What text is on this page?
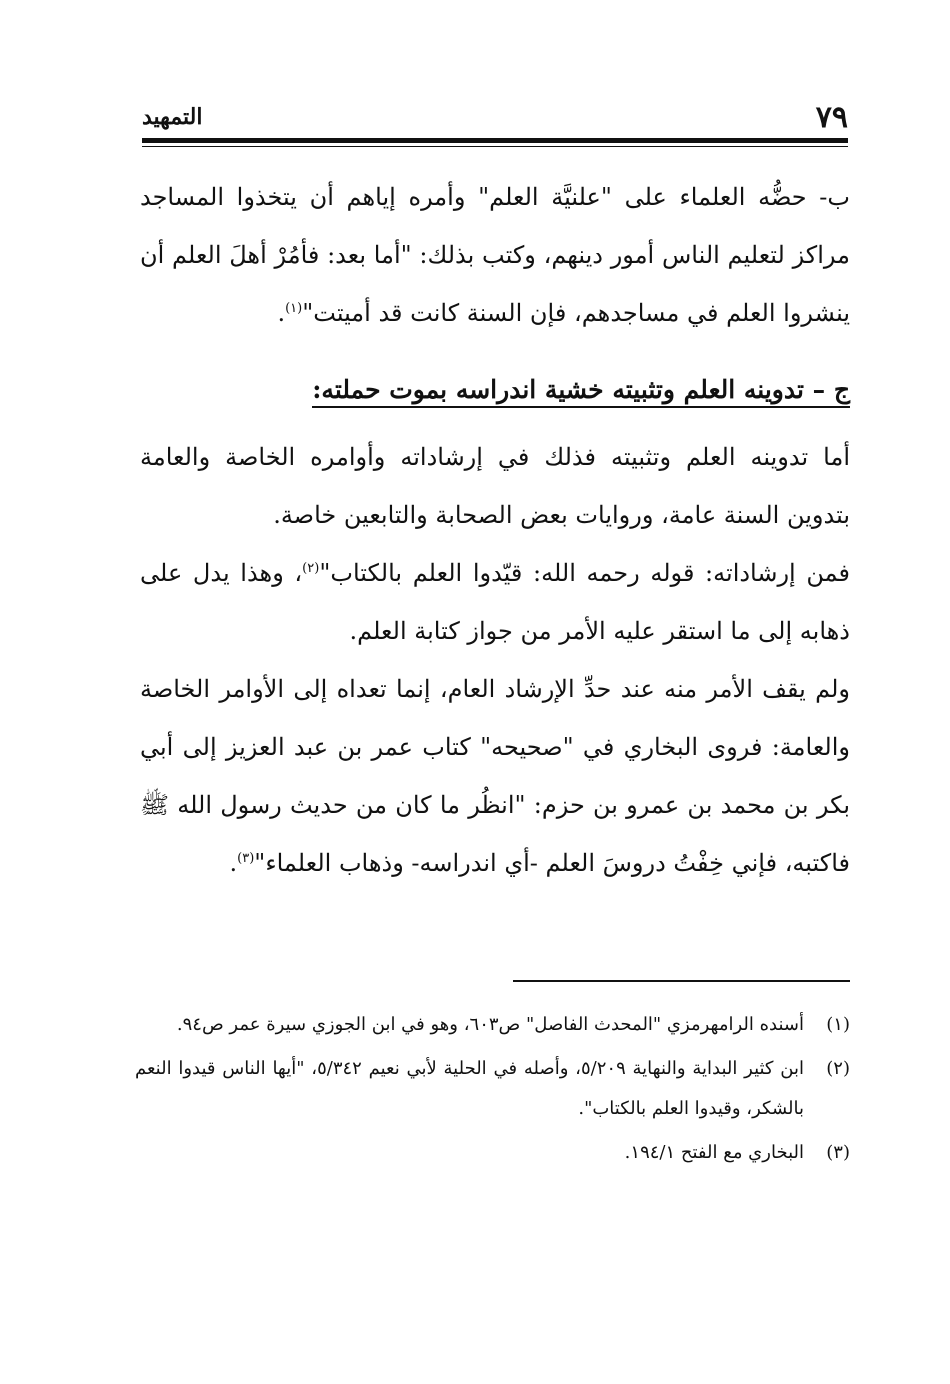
٧٩
التمهيد

ب- حضُّه العلماء على "علنيَّة العلم" وأمره إياهم أن يتخذوا المساجد مراكز لتعليم الناس أمور دينهم، وكتب بذلك: "أما بعد: فأمُرْ أهلَ العلم أن ينشروا العلم في مساجدهم، فإن السنة كانت قد أميتت"$^{(١)}$.

ج – تدوينه العلم وتثبيته خشية اندراسه بموت حملته:

أما تدوينه العلم وتثبيته فذلك في إرشاداته وأوامره الخاصة والعامة بتدوين السنة عامة، وروايات بعض الصحابة والتابعين خاصة.

فمن إرشاداته: قوله رحمه الله: قيّدوا العلم بالكتاب"$^{(٢)}$، وهذا يدل على ذهابه إلى ما استقر عليه الأمر من جواز كتابة العلم.

ولم يقف الأمر منه عند حدِّ الإرشاد العام، إنما تعداه إلى الأوامر الخاصة والعامة: فروى البخاري في "صحيحه" كتاب عمر بن عبد العزيز إلى أبي بكر بن محمد بن عمرو بن حزم: "انظُر ما كان من حديث رسول الله ﷺ فاكتبه، فإني خِفْتُ دروسَ العلم -أي اندراسه- وذهاب العلماء"$^{(٣)}$.

(١)
أسنده الرامهرمزي "المحدث الفاصل" ص٦٠٣، وهو في ابن الجوزي سيرة عمر ص٩٤.
(٢)
ابن كثير البداية والنهاية ٥/٢٠٩، وأصله في الحلية لأبي نعيم ٥/٣٤٢، "أيها الناس قيدوا النعم بالشكر، وقيدوا العلم بالكتاب".
(٣)
البخاري مع الفتح ١٩٤/١.
